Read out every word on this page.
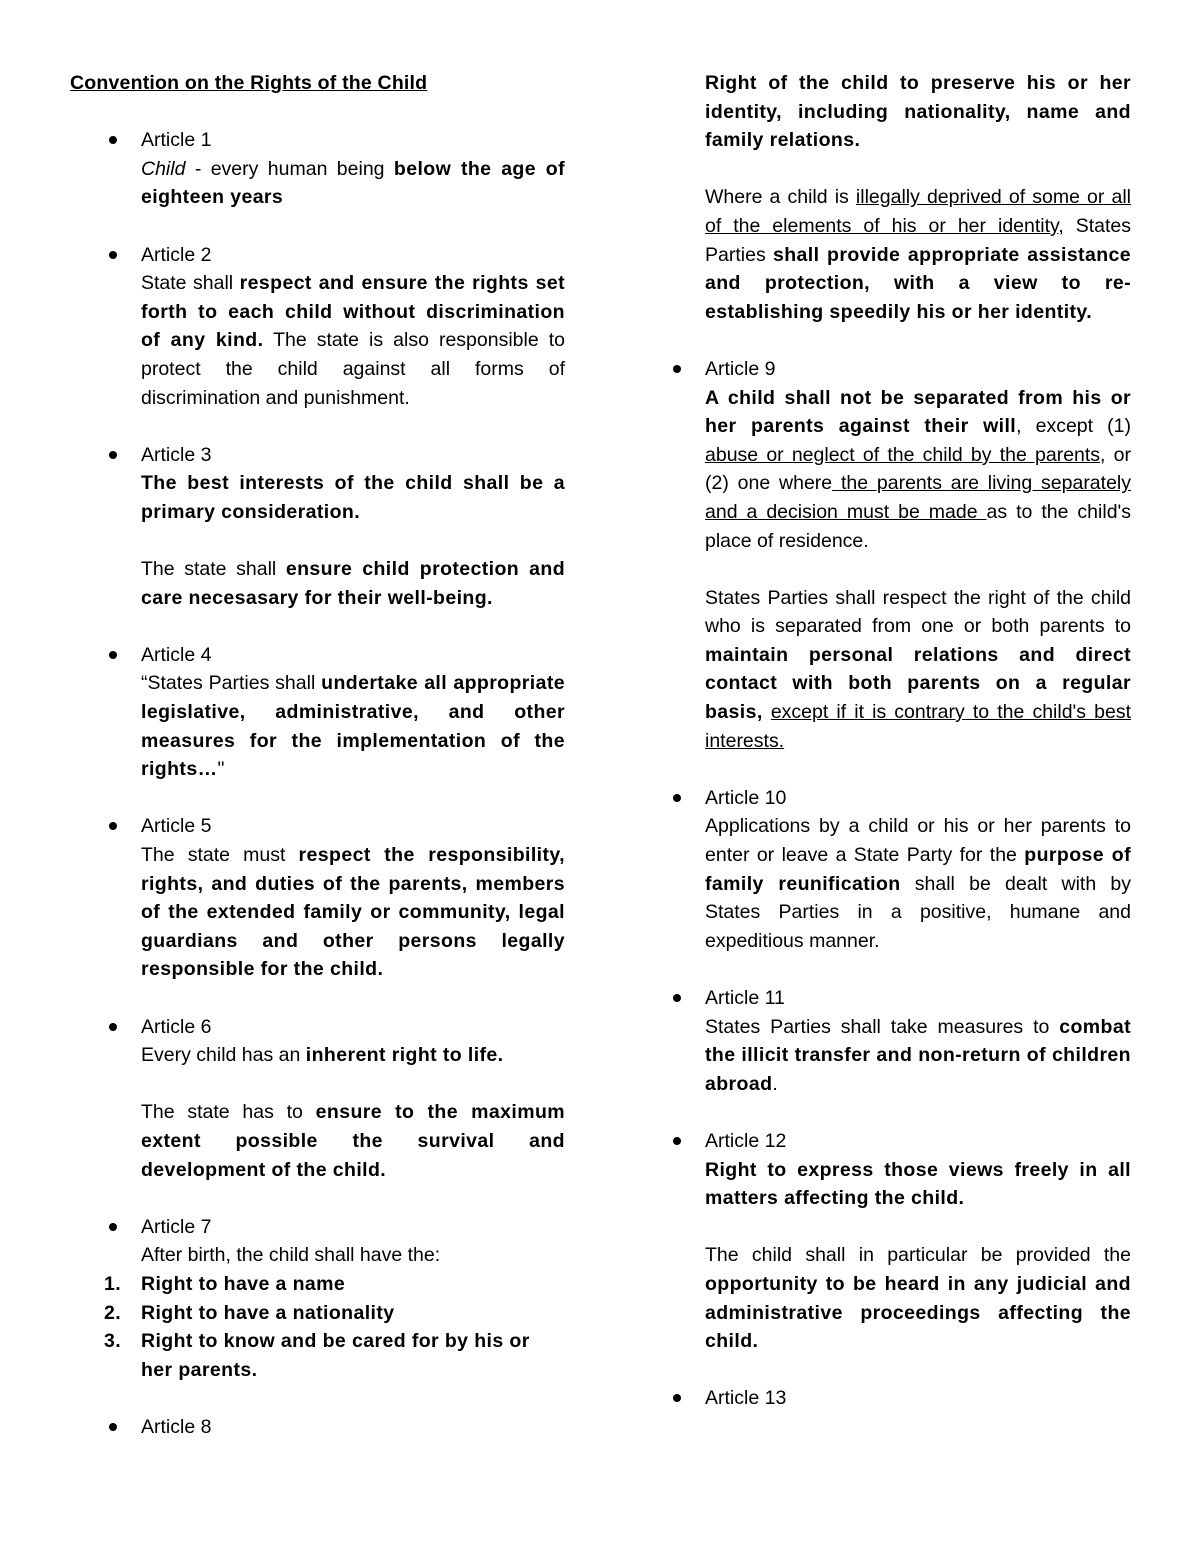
Convention on the Rights of the Child
Article 1

Child - every human being below the age of eighteen years

Article 2

State shall respect and ensure the rights set forth to each child without discrimination of any kind. The state is also responsible to protect the child against all forms of discrimination and punishment.

Article 3

The best interests of the child shall be a primary consideration.

The state shall ensure child protection and care necesasary for their well-being.

Article 4

“States Parties shall undertake all appropriate legislative, administrative, and other measures for the implementation of the rights…"

Article 5

The state must respect the responsibility, rights, and duties of the parents, members of the extended family or community, legal guardians and other persons legally responsible for the child.

Article 6

Every child has an inherent right to life.

The state has to ensure to the maximum extent possible the survival and development of the child.

Article 7
After birth, the child shall have the:
1. Right to have a name
2. Right to have a nationality
3. Right to know and be cared for by his or her parents.
Article 8

Right of the child to preserve his or her identity, including nationality, name and family relations.

Where a child is illegally deprived of some or all of the elements of his or her identity, States Parties shall provide appropriate assistance and protection, with a view to re-establishing speedily his or her identity.

Article 9

A child shall not be separated from his or her parents against their will, except (1) abuse or neglect of the child by the parents, or (2) one where the parents are living separately and a decision must be made as to the child's place of residence.

States Parties shall respect the right of the child who is separated from one or both parents to maintain personal relations and direct contact with both parents on a regular basis, except if it is contrary to the child's best interests.

Article 10

Applications by a child or his or her parents to enter or leave a State Party for the purpose of family reunification shall be dealt with by States Parties in a positive, humane and expeditious manner.

Article 11

States Parties shall take measures to combat the illicit transfer and non-return of children abroad.

Article 12

Right to express those views freely in all matters affecting the child.

The child shall in particular be provided the opportunity to be heard in any judicial and administrative proceedings affecting the child.

Article 13
